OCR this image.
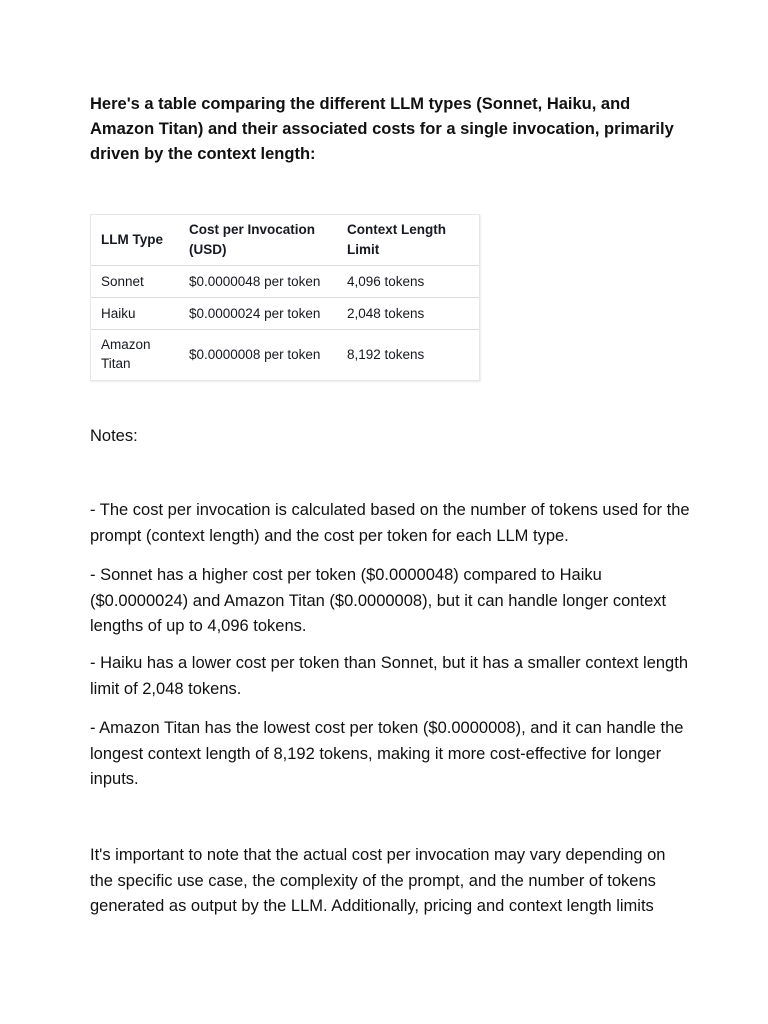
Here's a table comparing the different LLM types (Sonnet, Haiku, and Amazon Titan) and their associated costs for a single invocation, primarily driven by the context length:

LLM Type	Cost per Invocation (USD)	Context Length Limit
Sonnet	$0.0000048 per token	4,096 tokens
Haiku	$0.0000024 per token	2,048 tokens
Amazon Titan	$0.0000008 per token	8,192 tokens

Notes:

- The cost per invocation is calculated based on the number of tokens used for the prompt (context length) and the cost per token for each LLM type.

- Sonnet has a higher cost per token ($0.0000048) compared to Haiku ($0.0000024) and Amazon Titan ($0.0000008), but it can handle longer context lengths of up to 4,096 tokens.

- Haiku has a lower cost per token than Sonnet, but it has a smaller context length limit of 2,048 tokens.

- Amazon Titan has the lowest cost per token ($0.0000008), and it can handle the longest context length of 8,192 tokens, making it more cost-effective for longer inputs.

It's important to note that the actual cost per invocation may vary depending on the specific use case, the complexity of the prompt, and the number of tokens generated as output by the LLM. Additionally, pricing and context length limits
